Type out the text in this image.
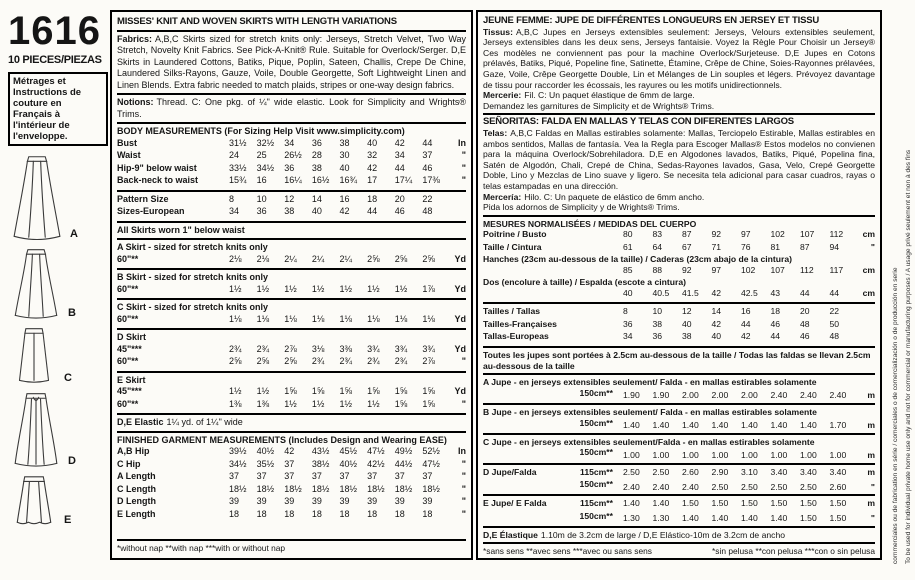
1616
10 PIECES/PIEZAS
Métrages et Instructions de couture en Français à l'intérieur de l'enveloppe.
A
B
C
D
E
MISSES' KNIT AND WOVEN SKIRTS WITH LENGTH VARIATIONS
Fabrics: A,B,C Skirts sized for stretch knits only: Jerseys, Stretch Velvet, Two Way Stretch, Novelty Knit Fabrics. See Pick-A-Knit® Rule. Suitable for Overlock/Serger. D,E Skirts in Laundered Cottons, Batiks, Pique, Poplin, Sateen, Challis, Crepe De Chine, Laundered Silks-Rayons, Gauze, Voile, Double Georgette, Soft Lightweight Linen and Linen Blends. Extra fabric needed to match plaids, stripes or one-way design fabrics.
Notions: Thread. C: One pkg. of ¼" wide elastic. Look for Simplicity and Wrights® Trims.
BODY MEASUREMENTS (For Sizing Help Visit www.simplicity.com)
Bust	31½	32½	34	36	38	40	42	44	In
Waist	24	25	26½	28	30	32	34	37	"
Hip-9" below waist	33½	34½	36	38	40	42	44	46	"
Back-neck to waist	15¾	16	16¼	16½	16¾	17	17¼	17⅜	"
Pattern Size	8	10	12	14	16	18	20	22
Sizes-European	34	36	38	40	42	44	46	48
All Skirts worn 1" below waist
A Skirt - sized for stretch knits only
60"**	2⅛	2⅛	2¼	2¼	2¼	2⅝	2⅝	2⅝	Yd
B Skirt - sized for stretch knits only
60"**	1½	1½	1½	1½	1½	1½	1½	1⅞	Yd
C Skirt - sized for stretch knits only
60"**	1⅛	1⅛	1⅛	1⅛	1⅛	1⅛	1⅛	1⅛	Yd
D Skirt
45"***	2¾	2¾	2⅞	3⅛	3⅜	3¾	3¾	3¾	Yd
60"**	2⅝	2⅝	2⅝	2¾	2¾	2¾	2¾	2⅞	"
E Skirt
45"***	1½	1½	1⅝	1⅝	1⅝	1⅝	1⅝	1⅝	Yd
60"**	1⅜	1⅜	1½	1½	1½	1½	1⅝	1⅝	"
D,E Elastic 1¼ yd. of 1¼" wide
FINISHED GARMENT MEASUREMENTS (Includes Design and Wearing EASE)
A,B Hip	39½	40½	42	43½	45½	47½	49½	52½	In
C Hip	34½	35½	37	38½	40½	42½	44½	47½	"
A Length	37	37	37	37	37	37	37	37	"
C Length	18½	18½	18½	18½	18½	18½	18½	18½	"
D Length	39	39	39	39	39	39	39	39	"
E Length	18	18	18	18	18	18	18	18	"
*without nap **with nap ***with or without nap
JEUNE FEMME: JUPE DE DIFFÉRENTES LONGUEURS EN JERSEY ET TISSU
Tissus: A,B,C Jupes en Jerseys extensibles seulement: Jerseys, Velours extensibles seulement, Jerseys extensibles dans les deux sens, Jerseys fantaisie. Voyez la Règle Pour Choisir un Jersey® Ces modèles ne conviennent pas pour la machine Overlock/Surjeteuse. D,E Jupes en Cotons prélavés, Batiks, Piqué, Popeline fine, Satinette, Étamine, Crêpe de Chine, Soies-Rayonnes prélavées, Gaze, Voile, Crêpe Georgette Double, Lin et Mélanges de Lin souples et légers. Prévoyez davantage de tissu pour raccorder les écossais, les rayures ou les motifs unidirectionnels.
Mercerie: Fil. C: Un paquet élastique de 6mm de large.
Demandez les garnitures de Simplicity et de Wrights® Trims.
SEÑORITAS: FALDA EN MALLAS Y TELAS CON DIFERENTES LARGOS
Telas: A,B,C Faldas en Mallas estirables solamente: Mallas, Terciopelo Estirable, Mallas estirables en ambos sentidos, Mallas de fantasía. Vea la Regla para Escoger Mallas® Estos modelos no convienen para la máquina Overlock/Sobrehiladora. D,E en Algodones lavados, Batiks, Piqué, Popelina fina, Satén de Algodón, Chali, Crepé de China, Sedas-Rayones lavados, Gasa, Velo, Crepé Georgette Doble, Lino y Mezclas de Lino suave y ligero. Se necesita tela adicional para casar cuadros, rayas o telas estampadas en una dirección.
Mercería: Hilo. C: Un paquete de elástico de 6mm ancho.
Pida los adornos de Simplicity y de Wrights® Trims.
MESURES NORMALISÉES / MEDIDAS DEL CUERPO
Poitrine / Busto	80	83	87	92	97	102	107	112	cm
Taille / Cintura	61	64	67	71	76	81	87	94	"
Hanches (23cm au-dessous de la taille) / Caderas (23cm abajo de la cintura)
85	88	92	97	102	107	112	117	cm
Dos (encolure à taille) / Espalda (escote a cintura)
40	40.5	41.5	42	42.5	43	44	44	cm
Tailles / Tallas	8	10	12	14	16	18	20	22
Tailles-Françaises	36	38	40	42	44	46	48	50
Tallas-Europeas	34	36	38	40	42	44	46	48
Toutes les jupes sont portées à 2.5cm au-dessous de la taille / Todas las faldas se llevan 2.5cm au-dessous de la taille
A Jupe - en jerseys extensibles seulement/ Falda - en mallas estirables solamente
150cm** 1.90	1.90	2.00	2.00	2.00	2.40	2.40	2.40	m
B Jupe - en jerseys extensibles seulement/ Falda - en mallas estirables solamente
150cm** 1.40	1.40	1.40	1.40	1.40	1.40	1.40	1.70	m
C Jupe - en jerseys extensibles seulement/Falda - en mallas estirables solamente
150cm** 1.00	1.00	1.00	1.00	1.00	1.00	1.00	1.00	m
D Jupe/Falda	115cm** 2.50	2.50	2.60	2.90	3.10	3.40	3.40	3.40	m
150cm** 2.40	2.40	2.40	2.50	2.50	2.50	2.50	2.60	"
E Jupe/ E Falda	115cm** 1.40	1.40	1.50	1.50	1.50	1.50	1.50	1.50	m
150cm** 1.30	1.30	1.40	1.40	1.40	1.40	1.50	1.50	"
D,E Élastique 1.10m de 3.2cm de large / D,E Elástico-10m de 3.2cm de ancho
*sans sens **avec sens ***avec ou sans sens	*sin pelusa **con pelusa ***con o sin pelusa	commerciales ou de fabrication en série / comerciales o de comercialización o de producción en serie To be used for individual private home use only and not for commercial or manufacturing purposes / A usage privé seulement et non à des fins
